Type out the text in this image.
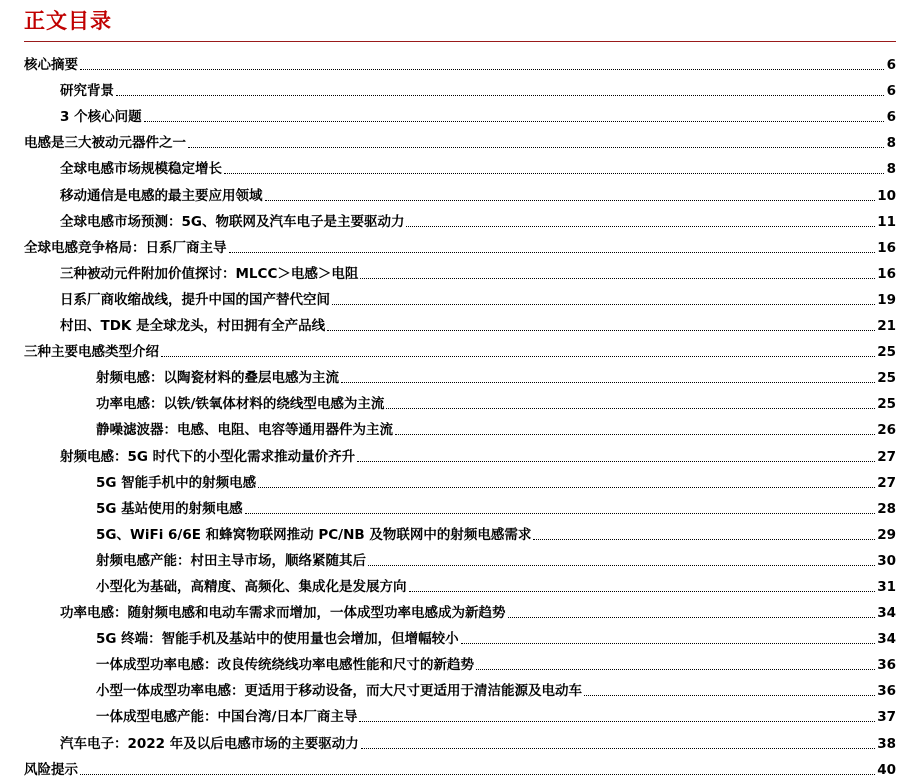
正文目录
核心摘要	6
研究背景	6
3 个核心问题	6
电感是三大被动元器件之一	8
全球电感市场规模稳定增长	8
移动通信是电感的最主要应用领域	10
全球电感市场预测：5G、物联网及汽车电子是主要驱动力	11
全球电感竞争格局：日系厂商主导	16
三种被动元件附加价值探讨：MLCC＞电感＞电阻	16
日系厂商收缩战线，提升中国的国产替代空间	19
村田、TDK 是全球龙头，村田拥有全产品线	21
三种主要电感类型介绍	25
射频电感：以陶瓷材料的叠层电感为主流	25
功率电感：以铁/铁氧体材料的绕线型电感为主流	25
静噪滤波器：电感、电阻、电容等通用器件为主流	26
射频电感：5G 时代下的小型化需求推动量价齐升	27
5G 智能手机中的射频电感	27
5G 基站使用的射频电感	28
5G、WiFi 6/6E 和蜂窝物联网推动 PC/NB 及物联网中的射频电感需求	29
射频电感产能：村田主导市场，顺络紧随其后	30
小型化为基础，高精度、高频化、集成化是发展方向	31
功率电感：随射频电感和电动车需求而增加，一体成型功率电感成为新趋势	34
5G 终端：智能手机及基站中的使用量也会增加，但增幅较小	34
一体成型功率电感：改良传统绕线功率电感性能和尺寸的新趋势	36
小型一体成型功率电感：更适用于移动设备，而大尺寸更适用于清洁能源及电动车	36
一体成型电感产能：中国台湾/日本厂商主导	37
汽车电子：2022 年及以后电感市场的主要驱动力	38
风险提示	40
